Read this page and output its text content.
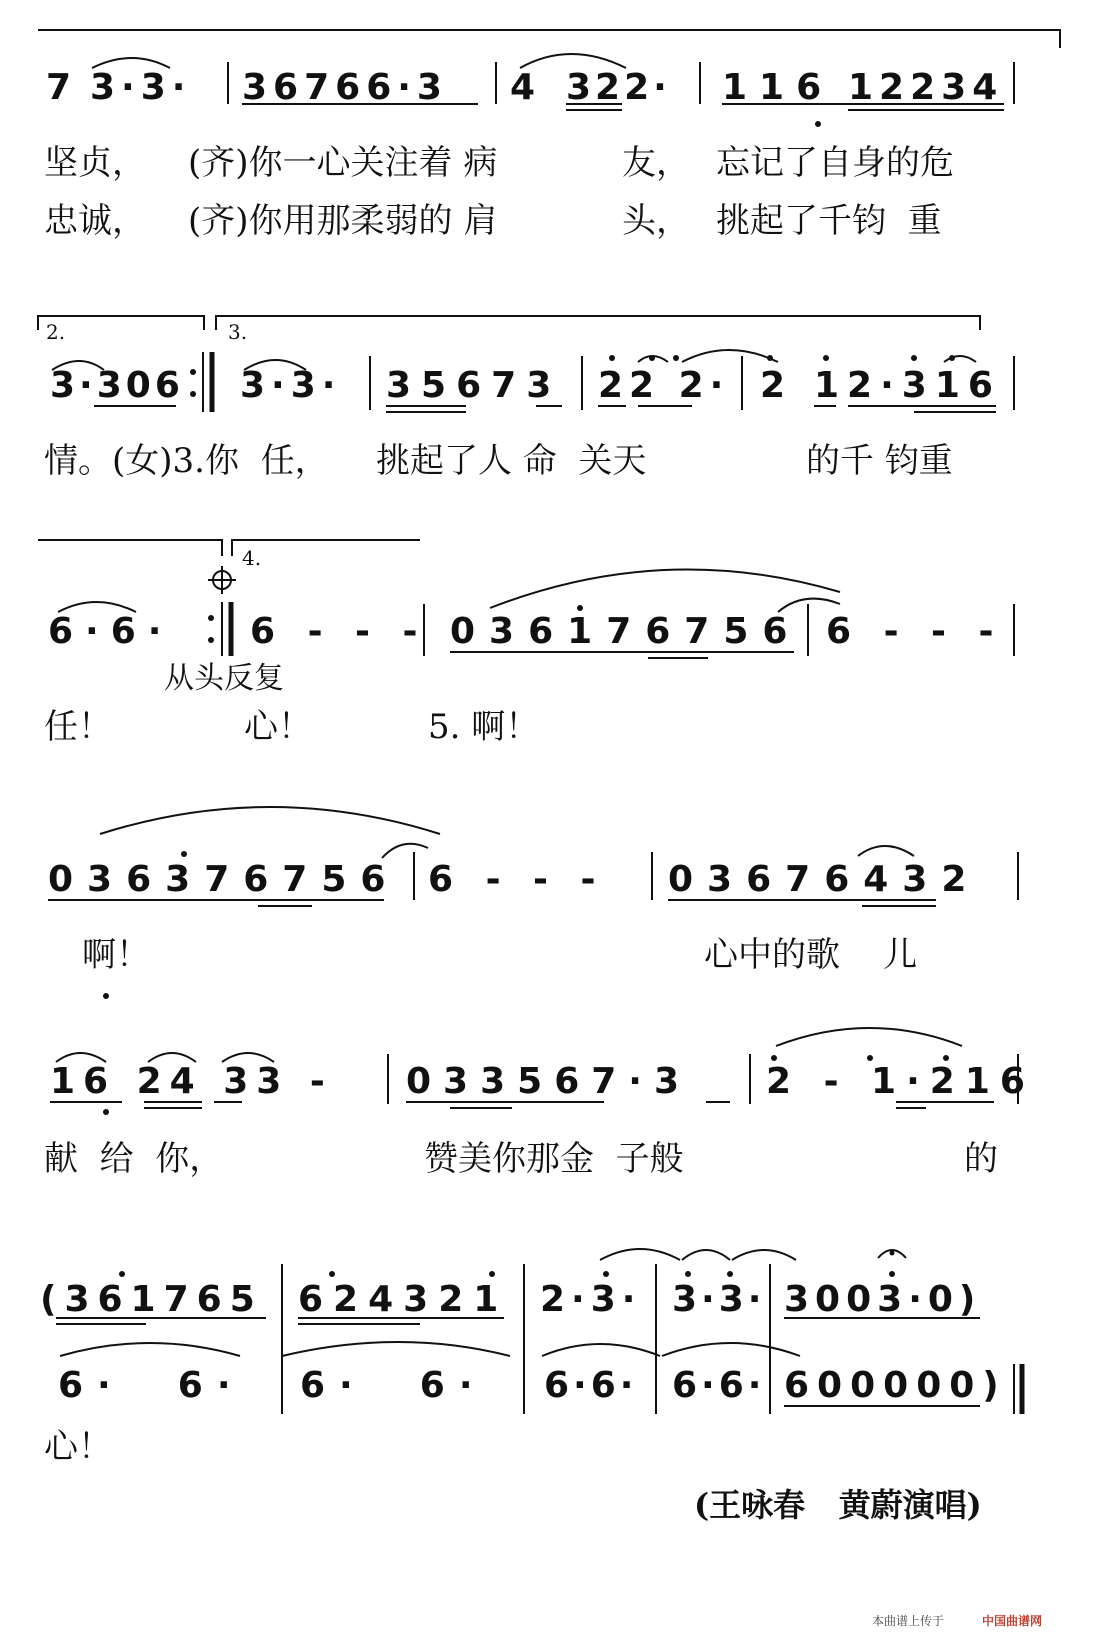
7 3·3· 36766·3 4 322· 116 12234
坚贞， (齐)你一心关注着 病	友， 忘记了自身的危
忠诚， (齐)你用那柔弱的 肩	头， 挑起了千钧  重
2.	3.
3·306 3·3· 35673 22 2· 2 12·316
情。(女)3.你  任， 挑起了人 命  关天	的千 钧重
4.
6·6· 6 - - - 036176756 6 - - -
从头反复
任！	心！	5. 啊！
036376756 6 - - - 03676432
啊！	心中的歌    儿
16 24 33 - 033567·3 2 - 1·216
献  给  你，	赞美你那金  子般	的
(361765 624321 2·3· 3·3· 3003·0)
6·  6· 6·  6· 6·6· 6·6· 600000)
心！
(王咏春   黄蔚演唱)
本曲谱上传于	中国曲谱网
